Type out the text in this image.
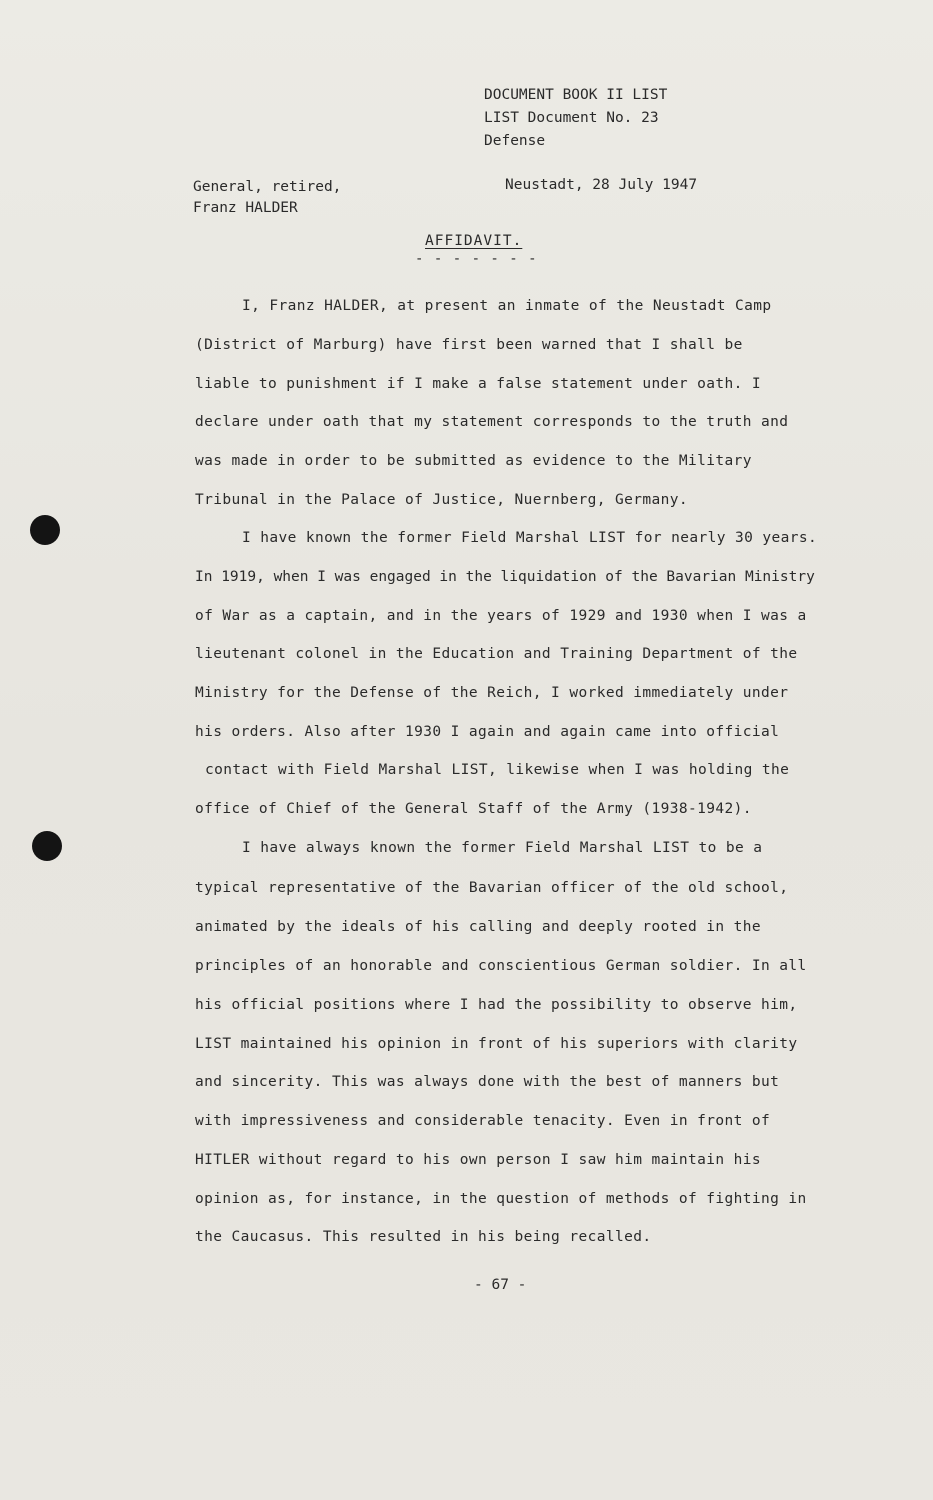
DOCUMENT BOOK II LIST
LIST Document No. 23
Defense
General, retired,
Franz HALDER
Neustadt, 28 July 1947
AFFIDAVIT.
- - - - - - -
I, Franz HALDER, at present an inmate of the Neustadt Camp
(District of Marburg) have first been warned that I shall be
liable to punishment if I make a false statement under oath. I
declare under oath that my statement corresponds to the truth and
was made in order to be submitted as evidence to the Military
Tribunal in the Palace of Justice, Nuernberg, Germany.
I have known the former Field Marshal LIST for nearly 30 years.
In 1919, when I was engaged in the liquidation of the Bavarian Ministry
of War as a captain, and in the years of 1929 and 1930 when I was a
lieutenant colonel in the Education and Training Department of the
Ministry for the Defense of the Reich, I worked immediately under
his orders. Also after 1930 I again and again came into official
contact with Field Marshal LIST, likewise when I was holding the
office of Chief of the General Staff of the Army (1938-1942).
I have always known the former Field Marshal LIST to be a
typical representative of the Bavarian officer of the old school,
animated by the ideals of his calling and deeply rooted in the
principles of an honorable and conscientious German soldier. In all
his official positions where I had the possibility to observe him,
LIST maintained his opinion in front of his superiors with clarity
and sincerity. This was always done with the best of manners but
with impressiveness and considerable tenacity. Even in front of
HITLER without regard to his own person I saw him maintain his
opinion as, for instance, in the question of methods of fighting in
the Caucasus. This resulted in his being recalled.
- 67 -
